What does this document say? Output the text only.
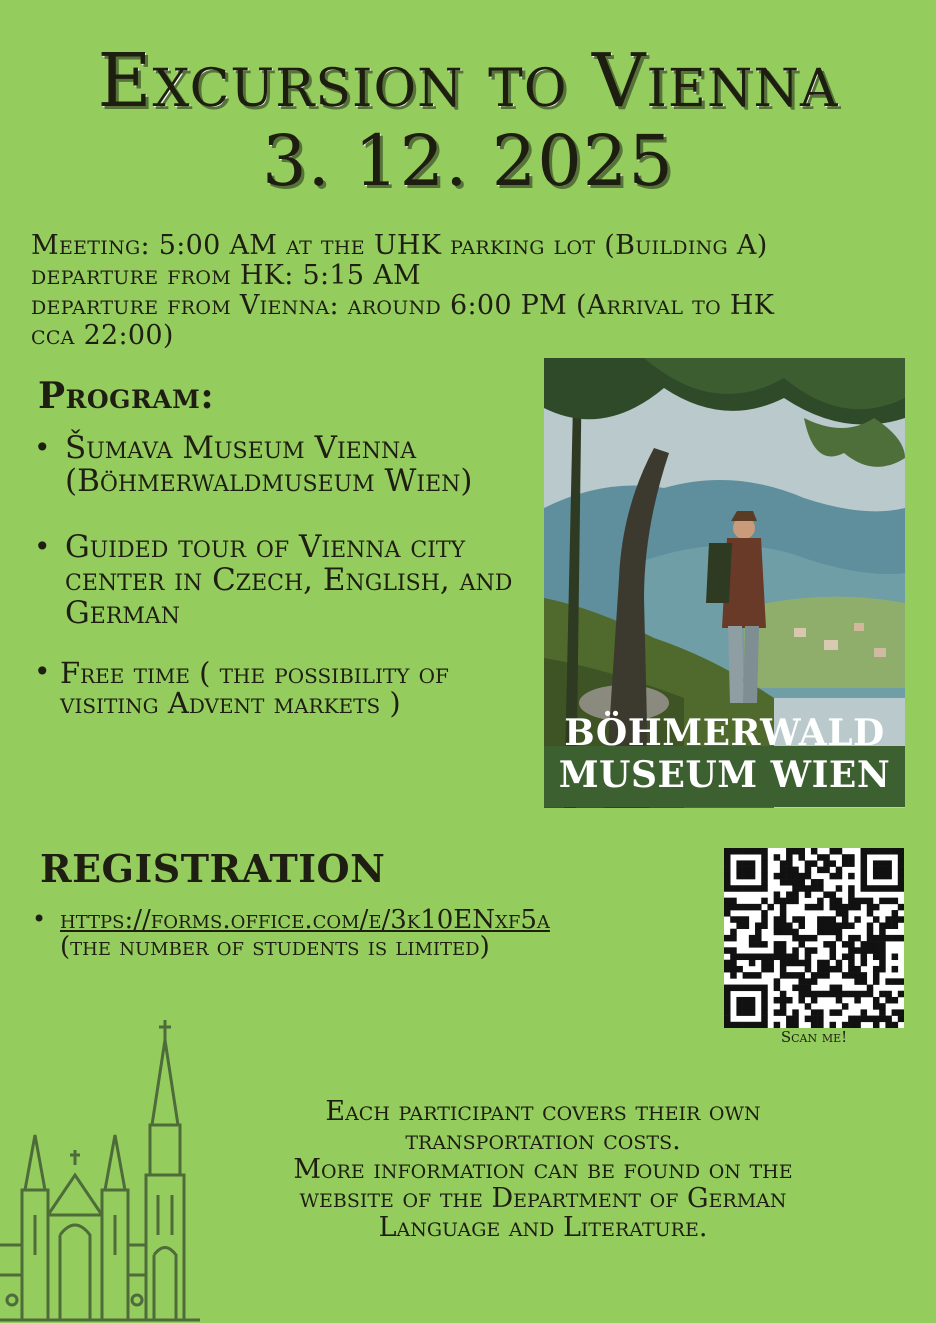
Excursion to Vienna
3. 12. 2025
Meeting: 5:00 AM at the UHK parking lot (Building A)
departure from HK: 5:15 AM
departure from Vienna: around 6:00 PM (Arrival to HK
cca 22:00)
Program:
• Šumava Museum Vienna (Böhmerwaldmuseum Wien)
• Guided tour of Vienna city center in Czech, English, and German
• Free time ( the possibility of visiting Advent markets )
BÖHMERWALD
MUSEUM WIEN
REGISTRATION
• https://forms.office.com/e/3k10ENxf5a
(the number of students is limited)
Scan me!
Each participant covers their own
transportation costs.
More information can be found on the
website of the Department of German
Language and Literature.
